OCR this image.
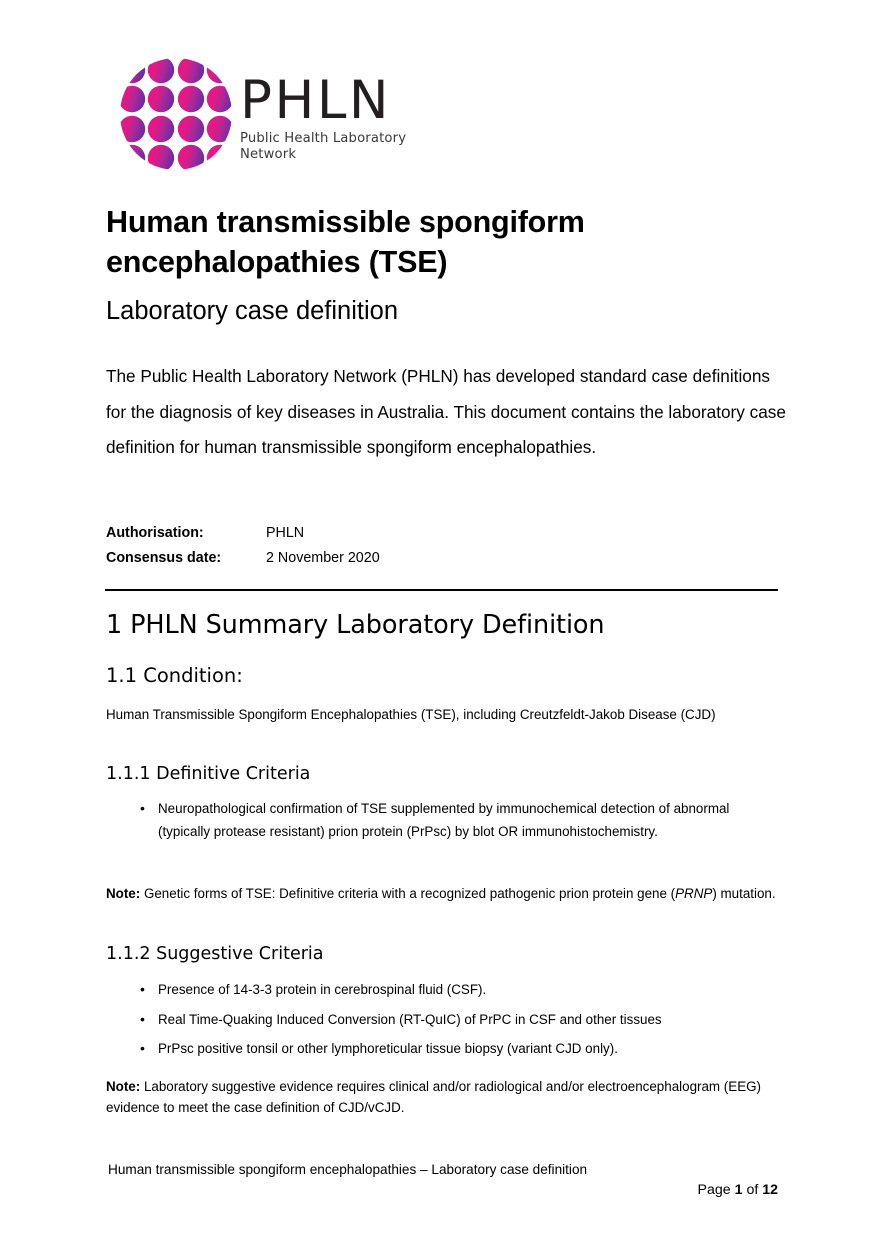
PHLN
Public Health Laboratory Network
Human transmissible spongiform encephalopathies (TSE)
Laboratory case definition
The Public Health Laboratory Network (PHLN) has developed standard case definitions for the diagnosis of key diseases in Australia. This document contains the laboratory case definition for human transmissible spongiform encephalopathies.
Authorisation:	PHLN
Consensus date:	2 November 2020
1 PHLN Summary Laboratory Definition
1.1 Condition:
Human Transmissible Spongiform Encephalopathies (TSE), including Creutzfeldt-Jakob Disease (CJD)
1.1.1 Definitive Criteria
• Neuropathological confirmation of TSE supplemented by immunochemical detection of abnormal (typically protease resistant) prion protein (PrPsc) by blot OR immunohistochemistry.
Note: Genetic forms of TSE: Definitive criteria with a recognized pathogenic prion protein gene (PRNP) mutation.
1.1.2 Suggestive Criteria
• Presence of 14-3-3 protein in cerebrospinal fluid (CSF).
• Real Time-Quaking Induced Conversion (RT-QuIC) of PrPC in CSF and other tissues
• PrPsc positive tonsil or other lymphoreticular tissue biopsy (variant CJD only).
Note: Laboratory suggestive evidence requires clinical and/or radiological and/or electroencephalogram (EEG) evidence to meet the case definition of CJD/vCJD.
Human transmissible spongiform encephalopathies – Laboratory case definition
Page 1 of 12
